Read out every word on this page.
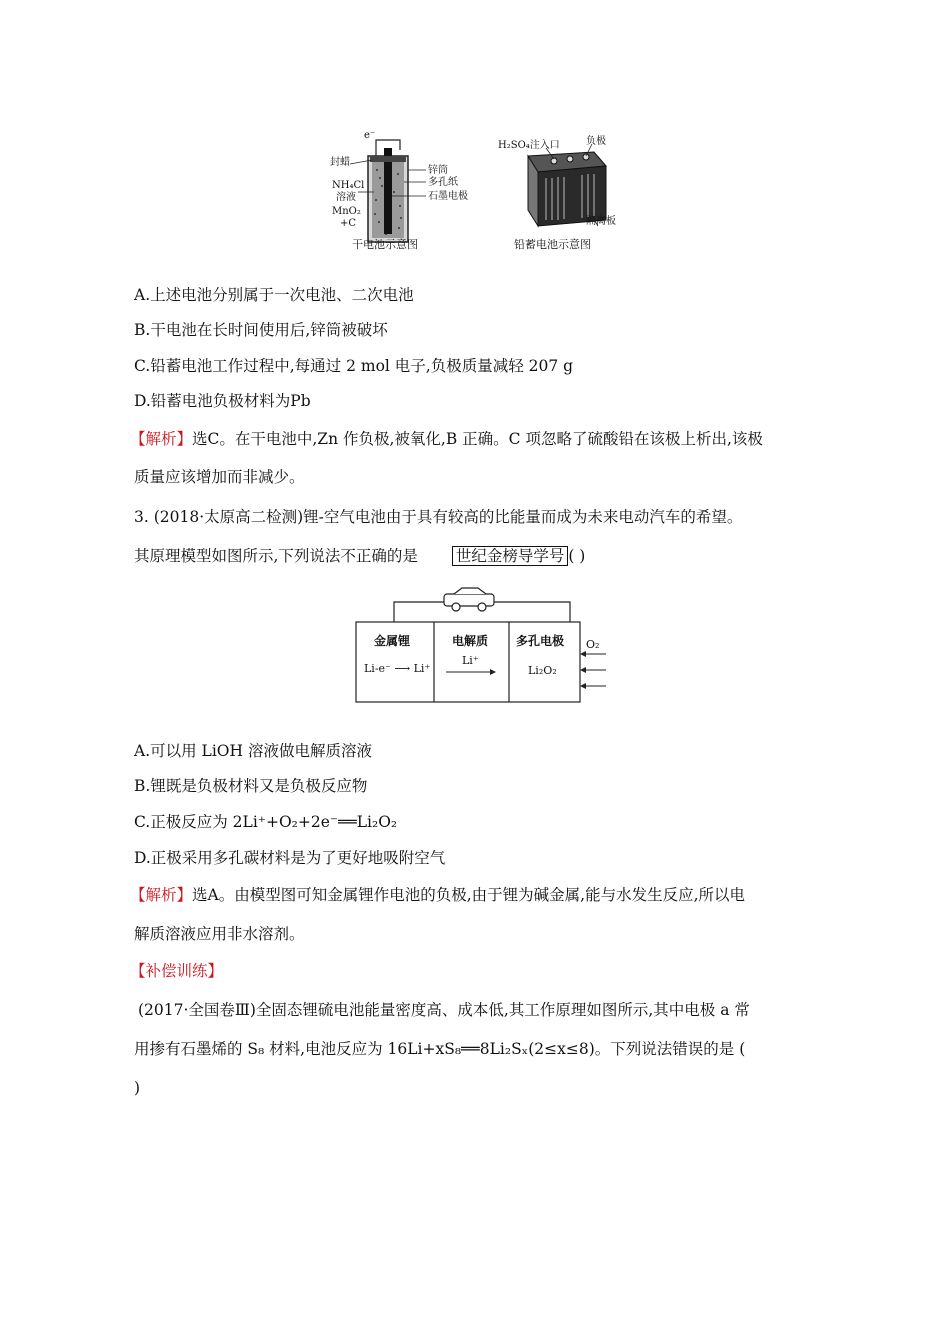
e⁻
封蜡
NH₄Cl
溶液
MnO₂
+C
锌筒
多孔纸
石墨电极
干电池示意图
H₂SO₄注入口	负极
隔离板
铅蓄电池示意图
A.上述电池分别属于一次电池、二次电池
B.干电池在长时间使用后,锌筒被破坏
C.铅蓄电池工作过程中,每通过 2 mol 电子,负极质量减轻 207 g
D.铅蓄电池负极材料为Pb
【解析】选C。在干电池中,Zn 作负极,被氧化,B 正确。C 项忽略了硫酸铅在该极上析出,该极
质量应该增加而非减少。
3. (2018·太原高二检测)锂-空气电池由于具有较高的比能量而成为未来电动汽车的希望。
其原理模型如图所示,下列说法不正确的是 世纪金榜导学号 ( )
金属锂
Li-e⁻ ⟶ Li⁺
电解质
Li⁺
多孔电极
Li₂O₂
O₂
A.可以用 LiOH 溶液做电解质溶液
B.锂既是负极材料又是负极反应物
C.正极反应为 2Li⁺+O₂+2e⁻══Li₂O₂
D.正极采用多孔碳材料是为了更好地吸附空气
【解析】选A。由模型图可知金属锂作电池的负极,由于锂为碱金属,能与水发生反应,所以电
解质溶液应用非水溶剂。
【补偿训练】
(2017·全国卷Ⅲ)全固态锂硫电池能量密度高、成本低,其工作原理如图所示,其中电极 a 常
用掺有石墨烯的 S₈ 材料,电池反应为 16Li+xS₈══8Li₂Sₓ(2≤x≤8)。下列说法错误的是 (
)
